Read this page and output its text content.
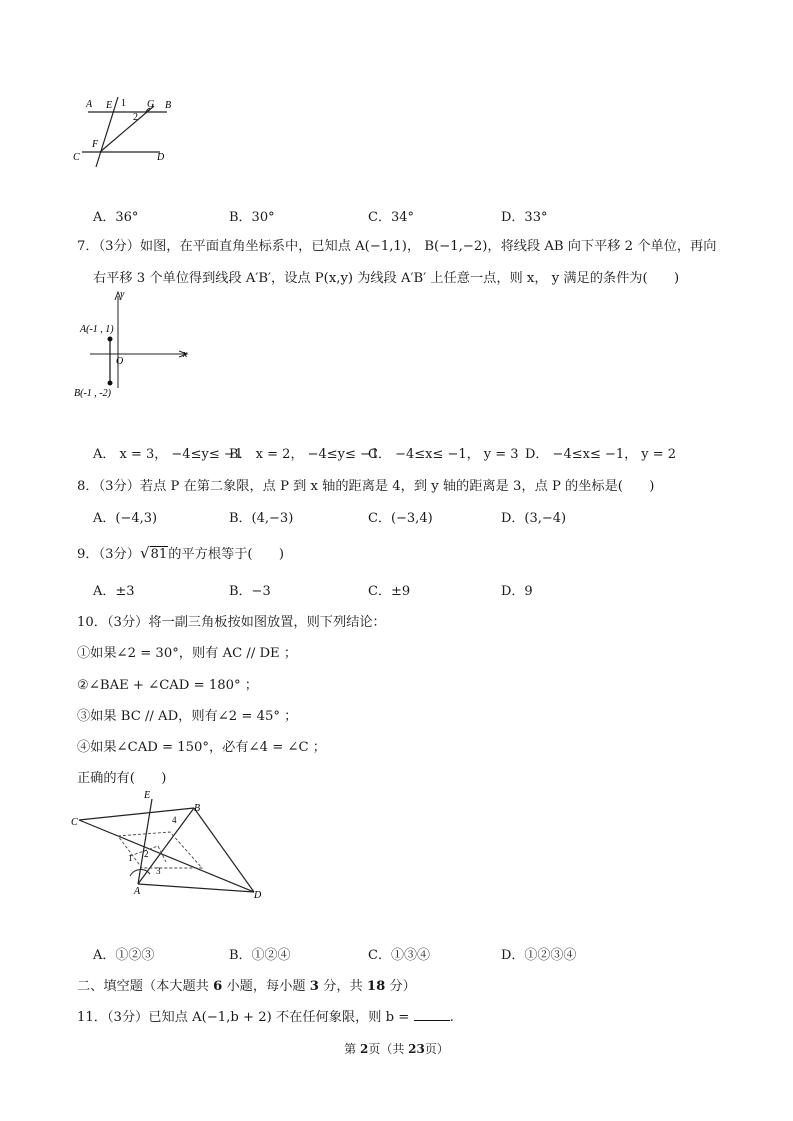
A E 1 G B
2
F
C	D
A．36°	B．30°	C．34°	D．33°
7．（3分）如图，在平面直角坐标系中，已知点 A(−1,1)， B(−1,−2)，将线段 AB 向下平移 2 个单位，再向
右平移 3 个单位得到线段 A′B′，设点 P(x,y) 为线段 A′B′ 上任意一点，则 x， y 满足的条件为(　　)
y
x
O
A(-1 , 1)
B(-1 , -2)
A． x = 3， −4≤y≤ −1
B． x = 2， −4≤y≤ −1
C． −4≤x≤ −1， y = 3 D． −4≤x≤ −1， y = 2
8．（3分）若点 P 在第二象限，点 P 到 x 轴的距离是 4，到 y 轴的距离是 3，点 P 的坐标是(　　)
A．(−4,3)	B．(4,−3)	C．(−3,4)	D．(3,−4)
9．（3分）√81的平方根等于(　　)
A．±3	B．−3	C．±9	D．9
10．（3分）将一副三角板按如图放置，则下列结论：
①如果∠2 = 30°，则有 AC // DE ；
②∠BAE + ∠CAD = 180° ；
③如果 BC // AD，则有∠2 = 45° ；
④如果∠CAD = 150°，必有∠4 = ∠C ；
正确的有(　　)
E
B
C	4
1 2
3
A	D
A．①②③	B．①②④	C．①③④	D．①②③④
二、填空题（本大题共 6 小题，每小题 3 分，共 18 分）
11．（3分）已知点 A(−1,b + 2) 不在任何象限，则 b =	.
第 2页（共 23页）
